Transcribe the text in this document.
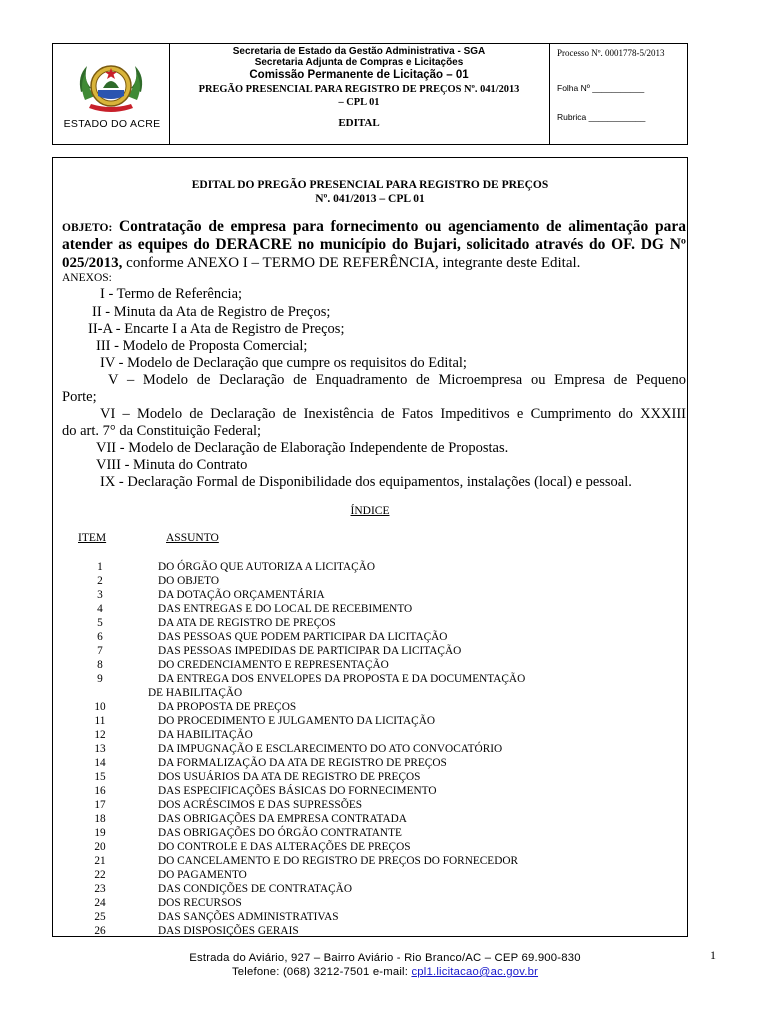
ESTADO DO ACRE
Secretaria de Estado da Gestão Administrativa - SGA
Secretaria Adjunta de Compras e Licitações
Comissão Permanente de Licitação – 01
PREGÃO PRESENCIAL PARA REGISTRO DE PREÇOS Nº. 041/2013
– CPL 01
EDITAL
Processo Nº. 0001778-5/2013
Folha Nº ___________
Rubrica ____________
EDITAL DO PREGÃO PRESENCIAL PARA REGISTRO DE PREÇOS
Nº. 041/2013 – CPL 01
OBJETO: Contratação de empresa para fornecimento ou agenciamento de alimentação para
atender as equipes do DERACRE no município do Bujari, solicitado através do OF. DG Nº
025/2013, conforme ANEXO I – TERMO DE REFERÊNCIA, integrante deste Edital.
ANEXOS:
I - Termo de Referência;
II - Minuta da Ata de Registro de Preços;
II-A - Encarte I a Ata de Registro de Preços;
III - Modelo de Proposta Comercial;
IV - Modelo de Declaração que cumpre os requisitos do Edital;
V – Modelo de Declaração de Enquadramento de Microempresa ou Empresa de Pequeno
Porte;
VI – Modelo de Declaração de Inexistência de Fatos Impeditivos e Cumprimento do XXXIII
do art. 7° da Constituição Federal;
VII - Modelo de Declaração de Elaboração Independente de Propostas.
VIII - Minuta do Contrato
IX - Declaração Formal de Disponibilidade dos equipamentos, instalações (local) e pessoal.
ÍNDICE
ITEM	ASSUNTO
1	DO ÓRGÃO QUE AUTORIZA A LICITAÇÃO
2	DO OBJETO
3	DA DOTAÇÃO ORÇAMENTÁRIA
4	DAS ENTREGAS E DO LOCAL DE RECEBIMENTO
5	DA ATA DE REGISTRO DE PREÇOS
6	DAS PESSOAS QUE PODEM PARTICIPAR DA LICITAÇÃO
7	DAS PESSOAS IMPEDIDAS DE PARTICIPAR DA LICITAÇÃO
8	DO CREDENCIAMENTO E REPRESENTAÇÃO
9	DA ENTREGA DOS ENVELOPES DA PROPOSTA E DA DOCUMENTAÇÃO
DE HABILITAÇÃO
10	DA PROPOSTA DE PREÇOS
11	DO PROCEDIMENTO E JULGAMENTO DA LICITAÇÃO
12	DA HABILITAÇÃO
13	DA IMPUGNAÇÃO E ESCLARECIMENTO DO ATO CONVOCATÓRIO
14	DA FORMALIZAÇÃO DA ATA DE REGISTRO DE PREÇOS
15	DOS USUÁRIOS DA ATA DE REGISTRO DE PREÇOS
16	DAS ESPECIFICAÇÕES BÁSICAS DO FORNECIMENTO
17	DOS ACRÉSCIMOS E DAS SUPRESSÕES
18	DAS OBRIGAÇÕES DA EMPRESA CONTRATADA
19	DAS OBRIGAÇÕES DO ÓRGÃO CONTRATANTE
20	DO CONTROLE E DAS ALTERAÇÕES DE PREÇOS
21	DO CANCELAMENTO E DO REGISTRO DE PREÇOS DO FORNECEDOR
22	DO PAGAMENTO
23	DAS CONDIÇÕES DE CONTRATAÇÃO
24	DOS RECURSOS
25	DAS SANÇÕES ADMINISTRATIVAS
26	DAS DISPOSIÇÕES GERAIS
Estrada do Aviário, 927 – Bairro Aviário - Rio Branco/AC – CEP 69.900-830
Telefone: (068) 3212-7501 e-mail: cpl1.licitacao@ac.gov.br
1
